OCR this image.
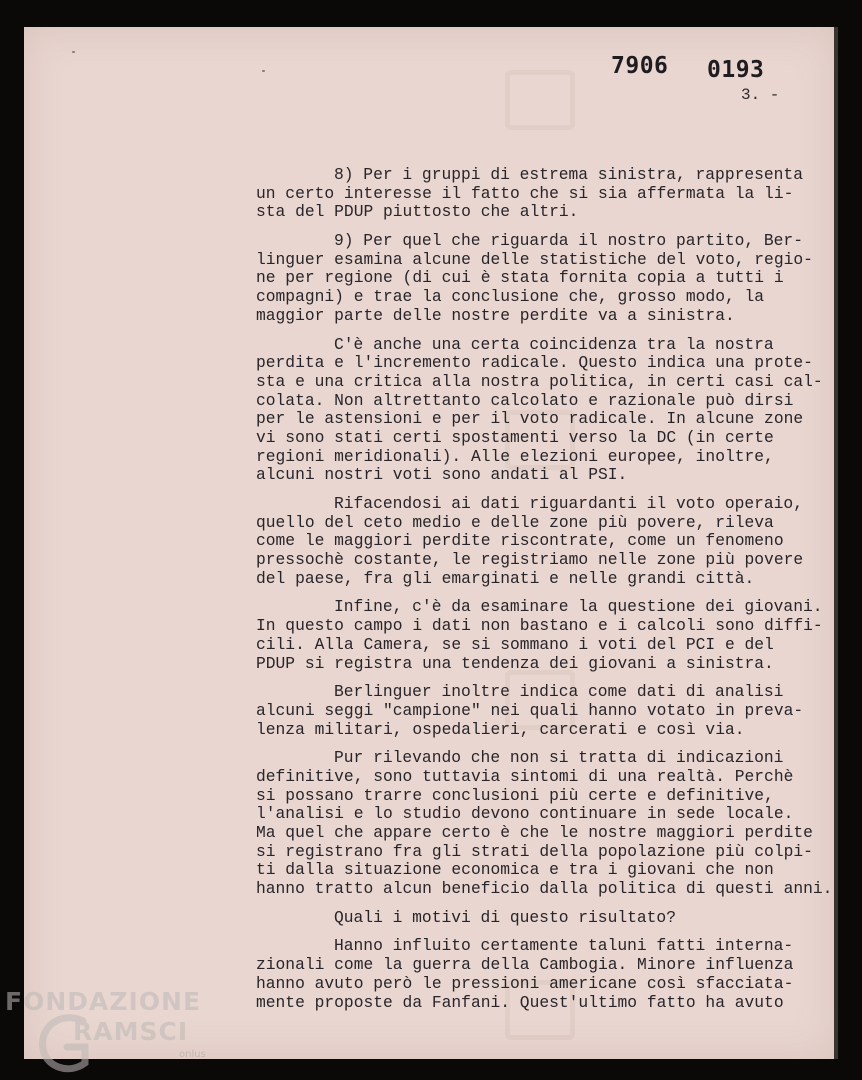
7906 0193
3. -
8) Per i gruppi di estrema sinistra, rappresenta
un certo interesse il fatto che si sia affermata la li-
sta del PDUP piuttosto che altri.
9) Per quel che riguarda il nostro partito, Ber-
linguer esamina alcune delle statistiche del voto, regio-
ne per regione (di cui è stata fornita copia a tutti i
compagni) e trae la conclusione che, grosso modo, la
maggior parte delle nostre perdite va a sinistra.
C'è anche una certa coincidenza tra la nostra
perdita e l'incremento radicale. Questo indica una prote-
sta e una critica alla nostra politica, in certi casi cal-
colata. Non altrettanto calcolato e razionale può dirsi
per le astensioni e per il voto radicale. In alcune zone
vi sono stati certi spostamenti verso la DC (in certe
regioni meridionali). Alle elezioni europee, inoltre,
alcuni nostri voti sono andati al PSI.
Rifacendosi ai dati riguardanti il voto operaio,
quello del ceto medio e delle zone più povere, rileva
come le maggiori perdite riscontrate, come un fenomeno
pressochè costante, le registriamo nelle zone più povere
del paese, fra gli emarginati e nelle grandi città.
Infine, c'è da esaminare la questione dei giovani.
In questo campo i dati non bastano e i calcoli sono diffi-
cili. Alla Camera, se si sommano i voti del PCI e del
PDUP si registra una tendenza dei giovani a sinistra.
Berlinguer inoltre indica come dati di analisi
alcuni seggi "campione" nei quali hanno votato in preva-
lenza militari, ospedalieri, carcerati e così via.
Pur rilevando che non si tratta di indicazioni
definitive, sono tuttavia sintomi di una realtà. Perchè
si possano trarre conclusioni più certe e definitive,
l'analisi e lo studio devono continuare in sede locale.
Ma quel che appare certo è che le nostre maggiori perdite
si registrano fra gli strati della popolazione più colpi-
ti dalla situazione economica e tra i giovani che non
hanno tratto alcun beneficio dalla politica di questi anni.
Quali i motivi di questo risultato?
Hanno influito certamente taluni fatti interna-
zionali come la guerra della Cambogia. Minore influenza
hanno avuto però le pressioni americane così sfacciata-
mente proposte da Fanfani. Quest'ultimo fatto ha avuto
FONDAZIONE
RAMSCI
onlus
